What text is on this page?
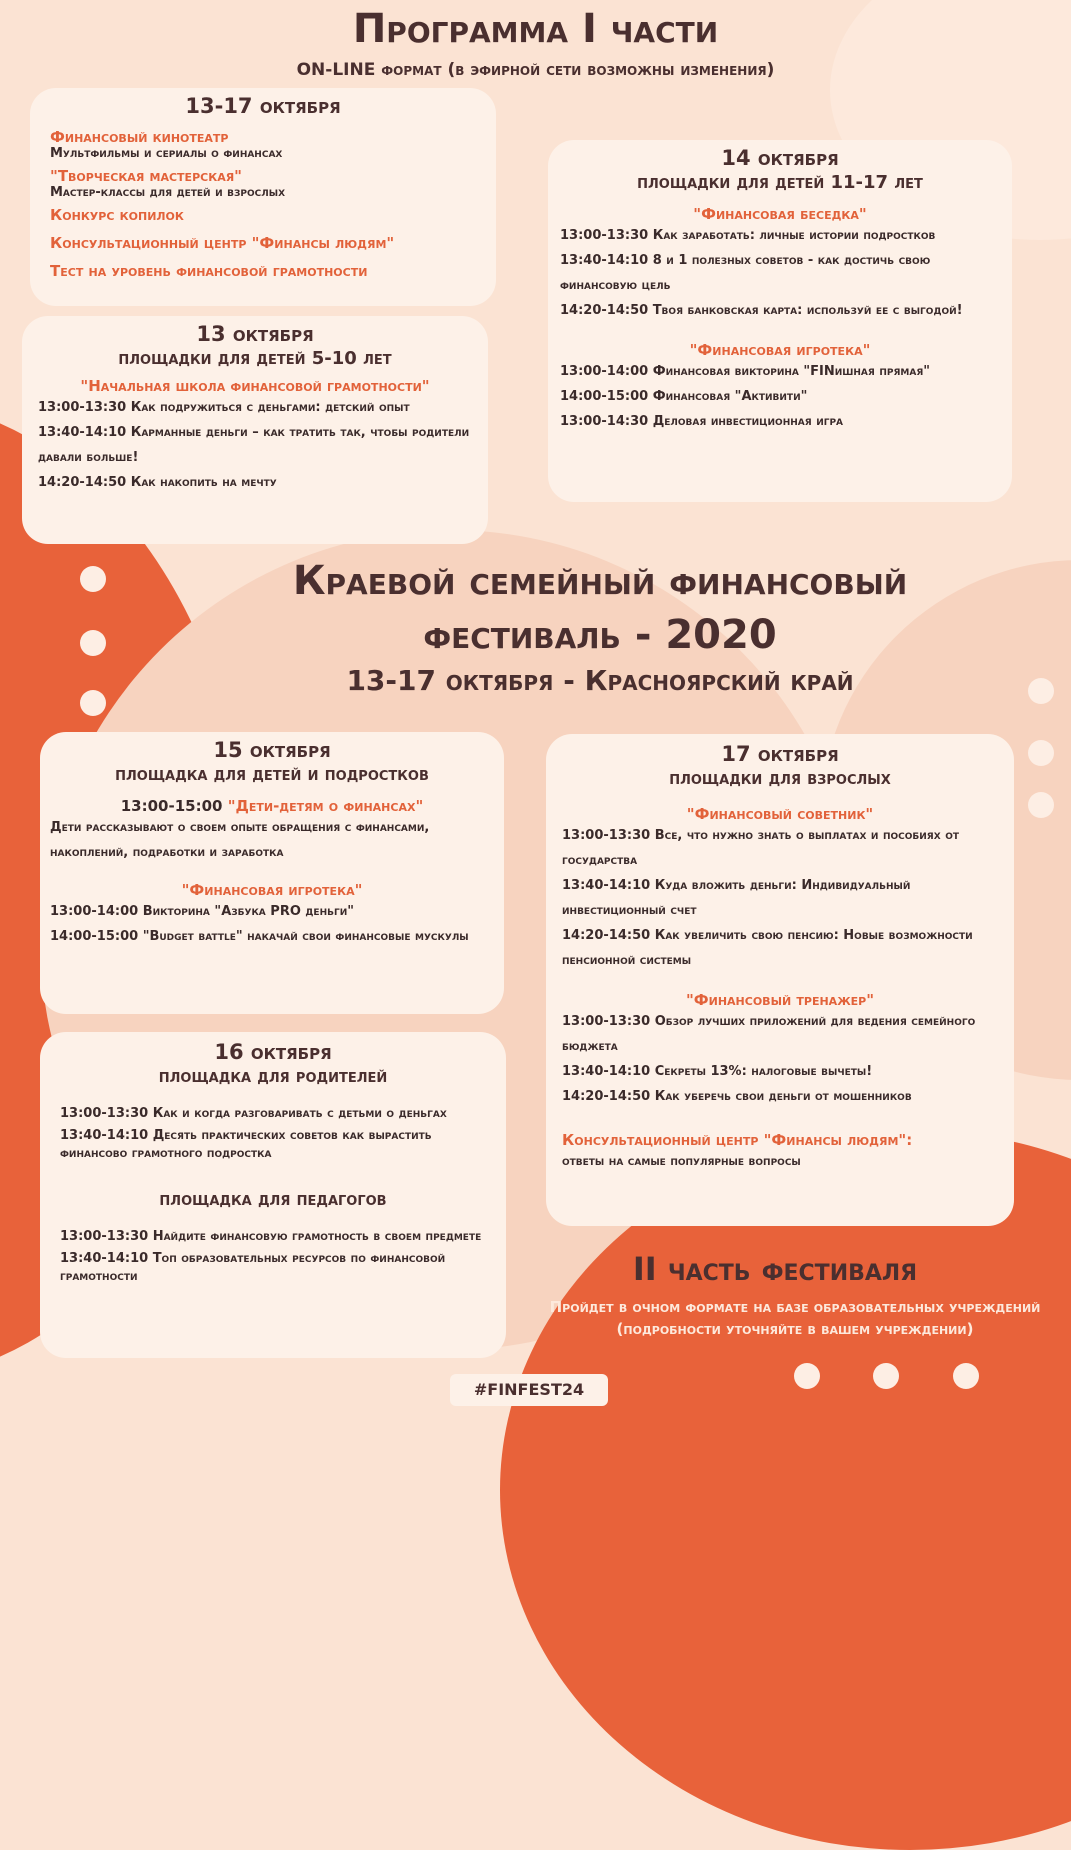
Программа I части
ON-LINE формат (в эфирной сети возможны изменения)
13-17 октября
Финансовый кинотеатр
Мультфильмы и сериалы о финансах
"Творческая мастерская"
Мастер-классы для детей и взрослых
Конкурс копилок
Консультационный центр "Финансы людям"
Тест на уровень финансовой грамотности
13 октября
площадки для детей 5-10 лет
"Начальная школа финансовой грамотности"
13:00-13:30 Как подружиться с деньгами: детский опыт
13:40-14:10 Карманные деньги – как тратить так, чтобы родители давали больше!
14:20-14:50 Как накопить на мечту
14 октября
площадки для детей 11-17 лет
"Финансовая беседка"
13:00-13:30 Как заработать: личные истории подростков
13:40-14:10 8 и 1 полезных советов - как достичь свою финансовую цель
14:20-14:50 Твоя банковская карта: используй ее с выгодой!
"Финансовая игротека"
13:00-14:00 Финансовая викторина "FINишная прямая"
14:00-15:00 Финансовая "Активити"
13:00-14:30 Деловая инвестиционная игра
Краевой семейный финансовый
фестиваль - 2020
13-17 октября - Красноярский край
15 октября
площадка для детей и подростков
13:00-15:00 "Дети-детям о финансах"
Дети рассказывают о своем опыте обращения с финансами, накоплений, подработки и заработка
"Финансовая игротека"
13:00-14:00 Викторина "Азбука PRO деньги"
14:00-15:00 "Budget battle" накачай свои финансовые мускулы
16 октября
площадка для родителей
13:00-13:30 Как и когда разговаривать с детьми о деньгах
13:40-14:10 Десять практических советов как вырастить финансово грамотного подростка
площадка для педагогов
13:00-13:30 Найдите финансовую грамотность в своем предмете
13:40-14:10 Топ образовательных ресурсов по финансовой грамотности
17 октября
площадки для взрослых
"Финансовый советник"
13:00-13:30 Все, что нужно знать о выплатах и пособиях от государства
13:40-14:10 Куда вложить деньги: Индивидуальный инвестиционный счет
14:20-14:50 Как увеличить свою пенсию: Новые возможности пенсионной системы
"Финансовый тренажер"
13:00-13:30 Обзор лучших приложений для ведения семейного бюджета
13:40-14:10 Секреты 13%: налоговые вычеты!
14:20-14:50 Как уберечь свои деньги от мошенников
Консультационный центр "Финансы людям":
ответы на самые популярные вопросы
II часть фестиваля
Пройдет в очном формате на базе образовательных учреждений (подробности уточняйте в вашем учреждении)
#FINFEST24
